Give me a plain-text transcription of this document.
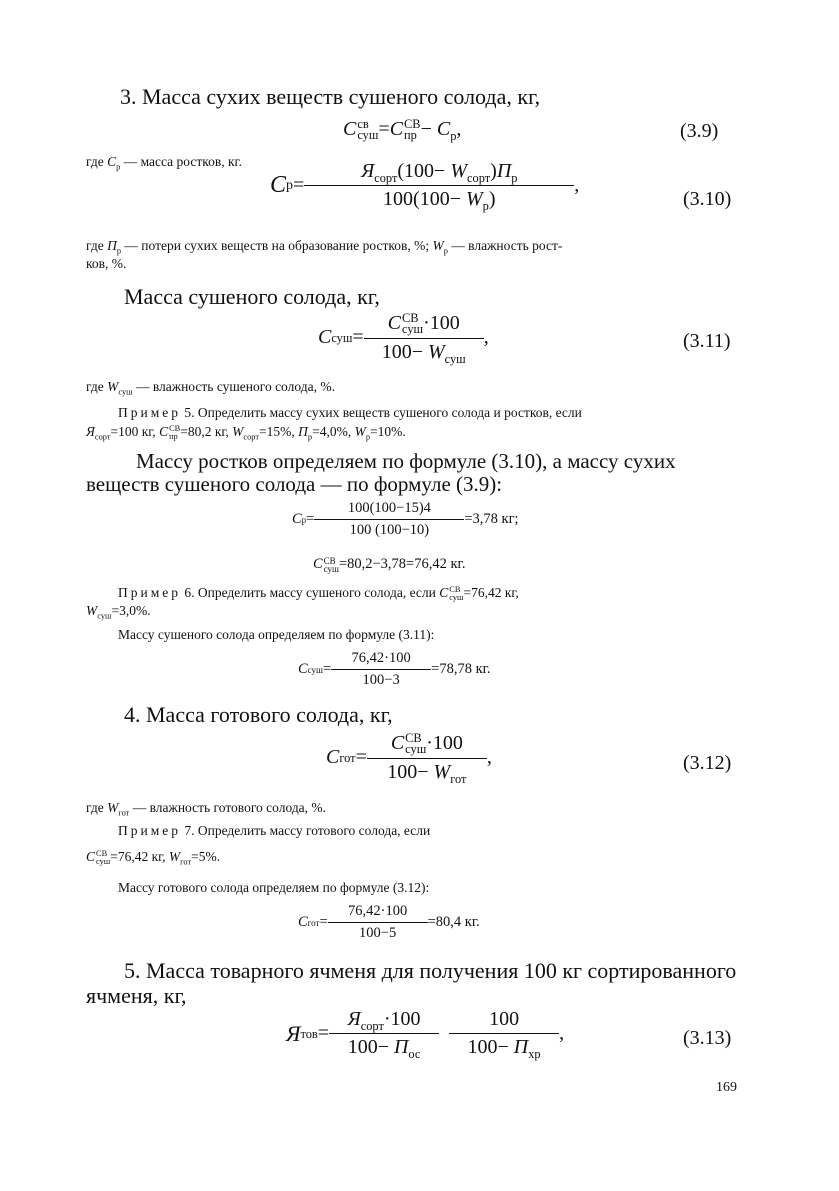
3. Масса сухих веществ сушеного солода, кг,
C св
суш =C СВ
пр − $C_р$,	(3.9)
где $C_р$ — масса ростков, кг.
C $р = \frac{Я_{сорт}(100- W_{сорт})П_р}{100(100- W_р)}$ ,
(3.10)
где $П_р$ — потери сухих веществ на образование ростков, %; $W_р$ — влажность рост-
ков, %.
Масса сушеного солода, кг,
C суш = C СВ
суш ·100
$100- W_{суш}$ ,	(3.11)
где $W_{суш}$ — влажность сушеного солода, %.
Пример 5. Определить массу сухих веществ сушеного солода и ростков, если
$Я_{сорт}=100$ кг, C СВ
пр =80,2 кг, $W_{сорт}=15\%$, $П_р=4,0\%$, $W_р=10\%$.
Массу ростков определяем по формуле (3.10), а массу сухих
веществ сушеного солода — по формуле (3.9):
C $р = \frac{100(100-15)4}{100 (100-10)} =3,78$ кг;
C СВ
суш =80,2−3,78=76,42 кг.
Пример 6. Определить массу сушеного солода, если C СВ
суш =76,42 кг,
$W_{суш}=3,0\%$.
Массу сушеного солода определяем по формуле (3.11):
C суш = $\frac{76,42\cdot 100}{100-3} =78,78$ кг.
4. Масса готового солода, кг,
C гот = C СВ
суш ·100
$100- W_{гот}$ ,	(3.12)
где $W_{гот}$ — влажность готового солода, %.
Пример 7. Определить массу готового солода, если
C СВ
суш =76,42 кг, $W_{гот}=5\%$.
Массу готового солода определяем по формуле (3.12):
C гот = $\frac{76,42\cdot 100}{100-5} =80,4$ кг.
5. Масса товарного ячменя для получения 100 кг сортированного
ячменя, кг,
Я тов = $\frac{Я_{сорт}\cdot 100}{100- П_{ос}} \frac{100}{100- П_{хр}}$ ,	(3.13)
169
